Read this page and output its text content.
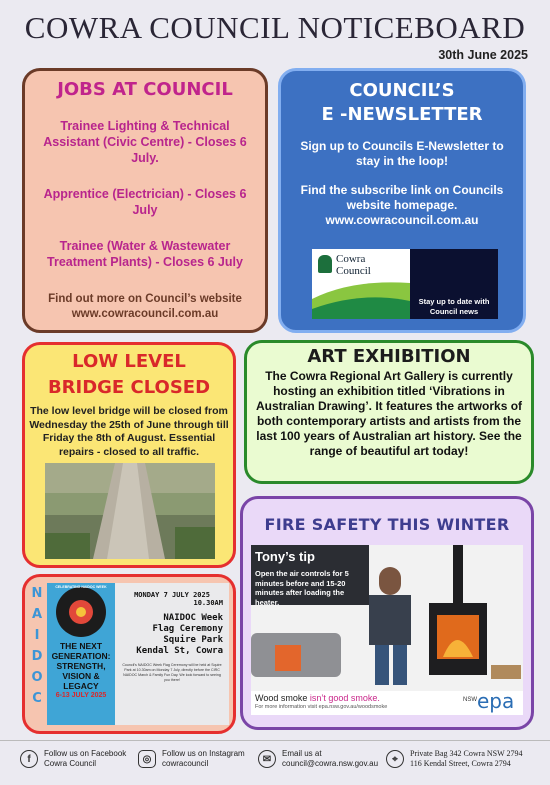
COWRA COUNCIL NOTICEBOARD
30th June 2025
JOBS AT COUNCIL
Trainee Lighting & Technical Assistant (Civic Centre) - Closes 6 July.
Apprentice (Electrician) - Closes 6 July
Trainee (Water & Wastewater Treatment Plants) - Closes 6 July
Find out more on Council’s website
www.cowracouncil.com.au
COUNCIL’S
E -NEWSLETTER
Sign up to Councils E-Newsletter to stay in the loop!
Find the subscribe link on Councils website homepage.
www.cowracouncil.com.au
Cowra
Council
Stay up to date with Council news
LOW LEVEL
BRIDGE CLOSED
The low level bridge will be closed from Wednesday the 25th of June through till Friday the 8th of August. Essential repairs - closed to all traffic.
ART EXHIBITION
The Cowra Regional Art Gallery is currently hosting an exhibition titled ‘Vibrations in Australian Drawing’. It features the artworks of both contemporary artists and artists from the last 100 years of Australian art history. See the range of beautiful art today!
FIRE SAFETY THIS WINTER
Tony’s tip
Open the air controls for 5 minutes before and 15-20 minutes after loading the heater.
Wood smoke isn’t good smoke.
For more information visit epa.nsw.gov.au/woodsmoke
NSW epa
N
A
I
D
O
C
CELEBRATING NAIDOC WEEK
THE NEXT
GENERATION:
STRENGTH,
VISION &
LEGACY
6-13 JULY 2025
MONDAY 7 JULY 2025
10.30AM
NAIDOC Week
Flag Ceremony
Squire Park
Kendal St, Cowra
Council’s NAIDOC Week Flag Ceremony will be held at Squire Park at 10.30am on Monday 7 July, directly before the CIRC NAIDOC March & Family Fun Day. We look forward to seeing you there!
f	Follow us on Facebook
Cowra Council	◎	Follow us on Instagram
cowracouncil	✉	Email us at
council@cowra.nsw.gov.au	⌖	Private Bag 342 Cowra NSW 2794
116 Kendal Street, Cowra 2794
